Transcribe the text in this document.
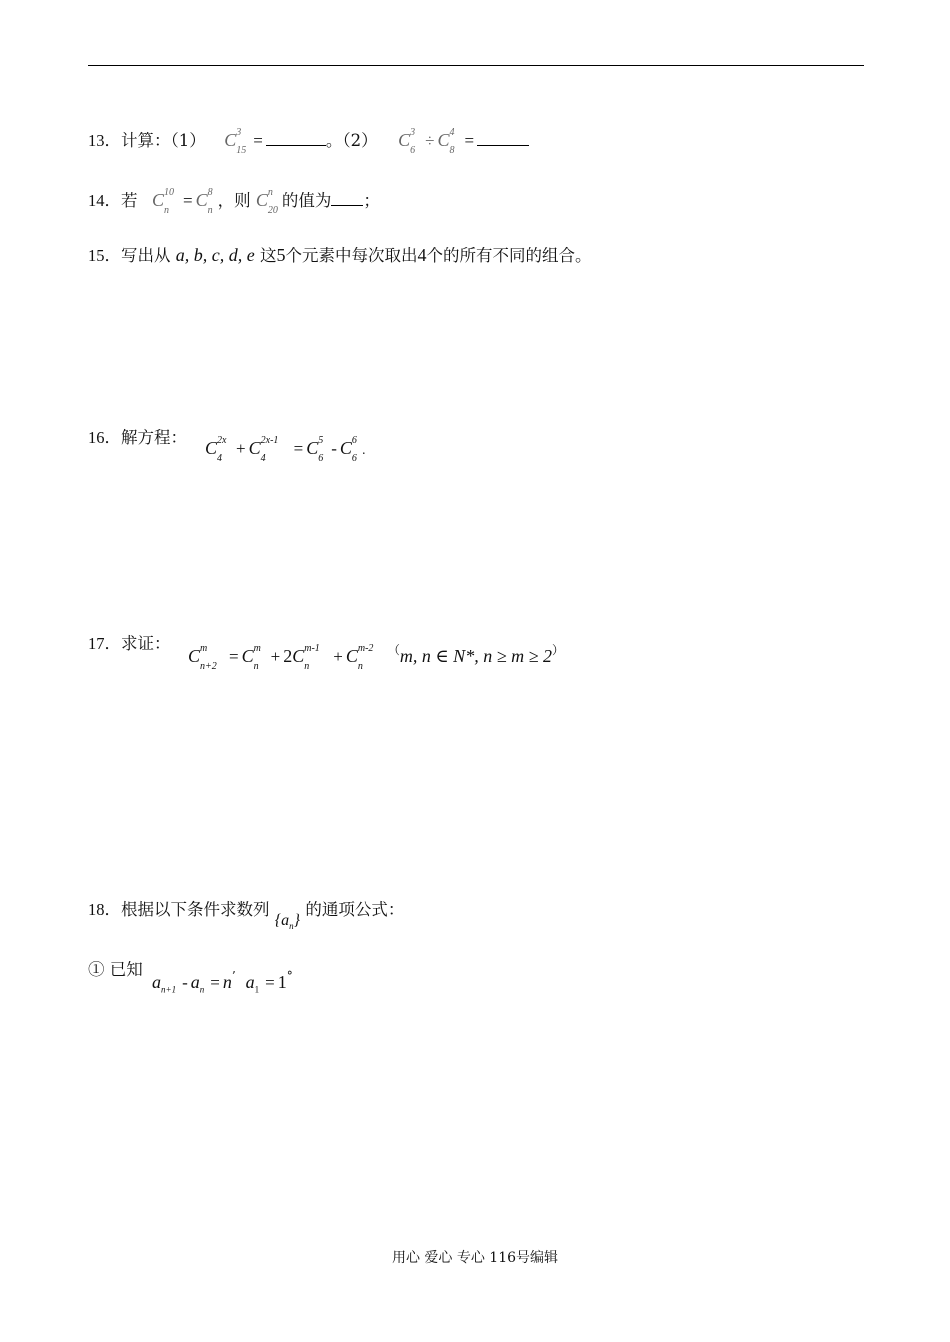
13．计算：（1） C 3
15
=	。（2） C 3
6
÷ C 4
8
=
14．若 C 10
n
= C 8
n
，则 C n
20
的值为 ；
15．写出从 a, b, c, d, e 这5个元素中每次取出4个的所有不同的组合。
16．解方程：
C 2x
4
+ C 2x-1
4
= C 5
6
- C 6
6
.
17．求证：
C m
n+2
= C m
n
+ 2C m-1
n
+ C m-2
n
（m, n ∈ N*, n ≥ m ≥ 2）
18．根据以下条件求数列 $\{a_n\}$ 的通项公式：
① 已知
$a_{n+1} - a_n = n^’$ $a_1 = 1^\circ$
用心 爱心 专心 116号编辑
